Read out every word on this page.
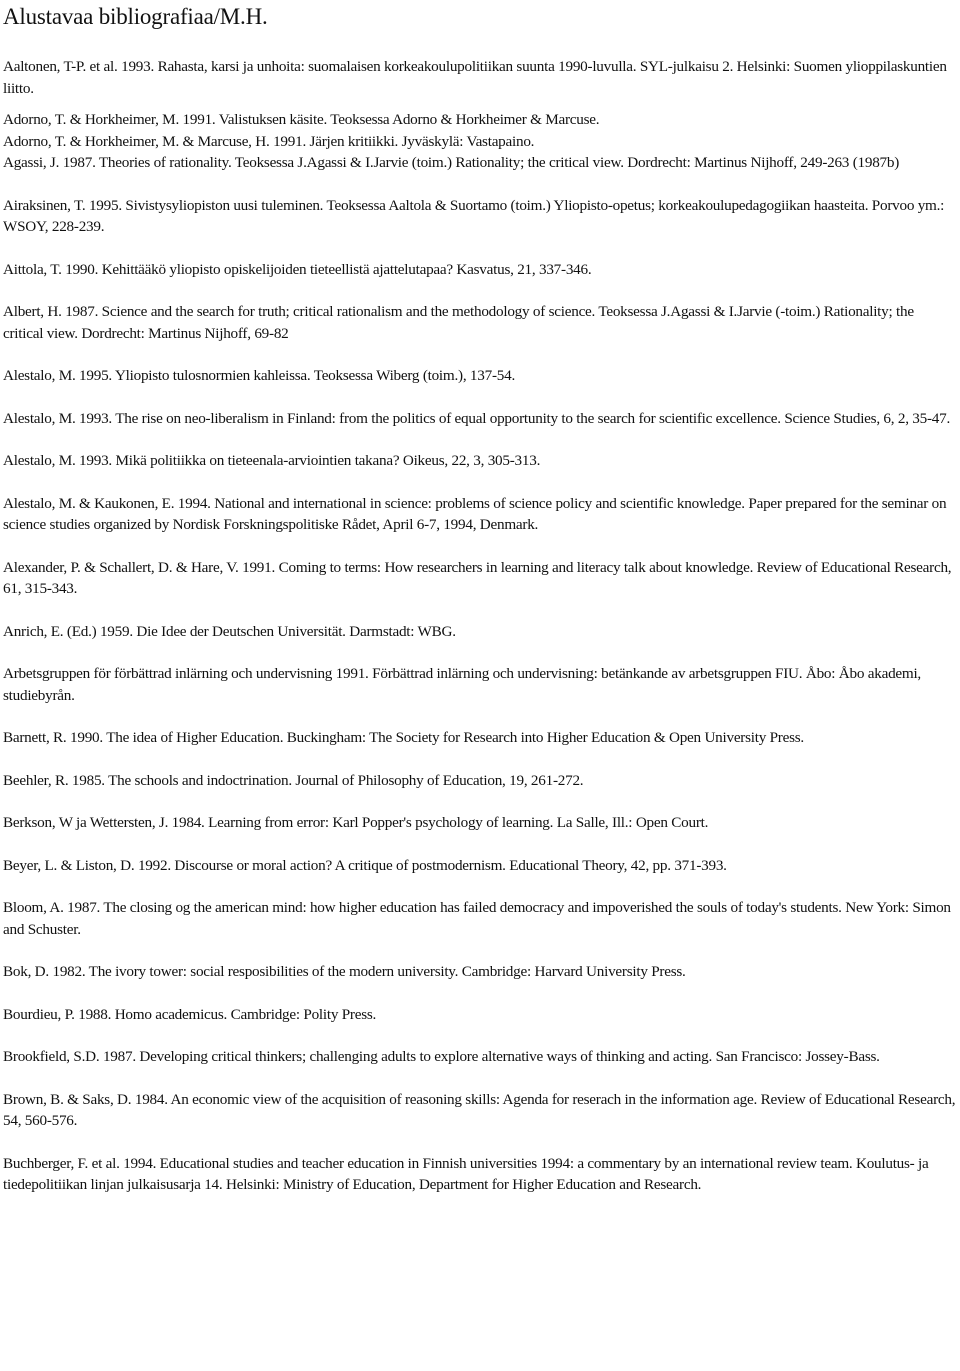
Alustavaa bibliografiaa/M.H.

Aaltonen, T-P. et al. 1993. Rahasta, karsi ja unhoita: suomalaisen korkeakoulupolitiikan suunta 1990-luvulla. SYL-julkaisu 2. Helsinki: Suomen ylioppilaskuntien liitto.

Adorno, T. & Horkheimer, M. 1991. Valistuksen käsite. Teoksessa Adorno & Horkheimer & Marcuse.

Adorno, T. & Horkheimer, M. & Marcuse, H. 1991. Järjen kritiikki. Jyväskylä: Vastapaino.

Agassi, J. 1987. Theories of rationality. Teoksessa J.Agassi & I.Jarvie (toim.) Rationality; the critical view. Dordrecht: Martinus Nijhoff, 249-263 (1987b)

Airaksinen, T. 1995. Sivistysyliopiston uusi tuleminen. Teoksessa Aaltola & Suortamo (toim.) Yliopisto-opetus; korkeakoulupedagogiikan haasteita. Porvoo ym.: WSOY, 228-239.

Aittola, T. 1990. Kehittääkö yliopisto opiskelijoiden tieteellistä ajattelutapaa? Kasvatus, 21, 337-346.

Albert, H. 1987. Science and the search for truth; critical rationalism and the methodology of science. Teoksessa J.Agassi & I.Jarvie (-toim.) Rationality; the critical view. Dordrecht: Martinus Nijhoff, 69-82

Alestalo, M. 1995. Yliopisto tulosnormien kahleissa. Teoksessa Wiberg (toim.), 137-54.

Alestalo, M. 1993. The rise on neo-liberalism in Finland: from the politics of equal opportunity to the search for scientific excellence. Science Studies, 6, 2, 35-47.

Alestalo, M. 1993. Mikä politiikka on tieteenala-arviointien takana? Oikeus, 22, 3, 305-313.

Alestalo, M. & Kaukonen, E. 1994. National and international in science: problems of science policy and scientific knowledge. Paper prepared for the seminar on science studies organized by Nordisk Forskningspolitiske Rådet, April 6-7, 1994, Denmark.

Alexander, P. & Schallert, D. & Hare, V. 1991. Coming to terms: How researchers in learning and literacy talk about knowledge. Review of Educational Research, 61, 315-343.

Anrich, E. (Ed.) 1959. Die Idee der Deutschen Universität. Darmstadt: WBG.

Arbetsgruppen för förbättrad inlärning och undervisning 1991. Förbättrad inlärning och undervisning: betänkande av arbetsgruppen FIU. Åbo: Åbo akademi, studiebyrån.

Barnett, R. 1990. The idea of Higher Education. Buckingham: The Society for Research into Higher Education & Open University Press.

Beehler, R. 1985. The schools and indoctrination. Journal of Philosophy of Education, 19, 261-272.

Berkson, W ja Wettersten, J. 1984. Learning from error: Karl Popper's psychology of learning. La Salle, Ill.: Open Court.

Beyer, L. & Liston, D. 1992. Discourse or moral action? A critique of postmodernism. Educational Theory, 42, pp. 371-393.

Bloom, A. 1987. The closing og the american mind: how higher education has failed democracy and impoverished the souls of today's students. New York: Simon and Schuster.

Bok, D. 1982. The ivory tower: social resposibilities of the modern university. Cambridge: Harvard University Press.

Bourdieu, P. 1988. Homo academicus. Cambridge: Polity Press.

Brookfield, S.D. 1987. Developing critical thinkers; challenging adults to explore alternative ways of thinking and acting. San Francisco: Jossey-Bass.

Brown, B. & Saks, D. 1984. An economic view of the acquisition of reasoning skills: Agenda for reserach in the information age. Review of Educational Research, 54, 560-576.

Buchberger, F. et al. 1994. Educational studies and teacher education in Finnish universities 1994: a commentary by an international review team. Koulutus- ja tiedepolitiikan linjan julkaisusarja 14. Helsinki: Ministry of Education, Department for Higher Education and Research.
